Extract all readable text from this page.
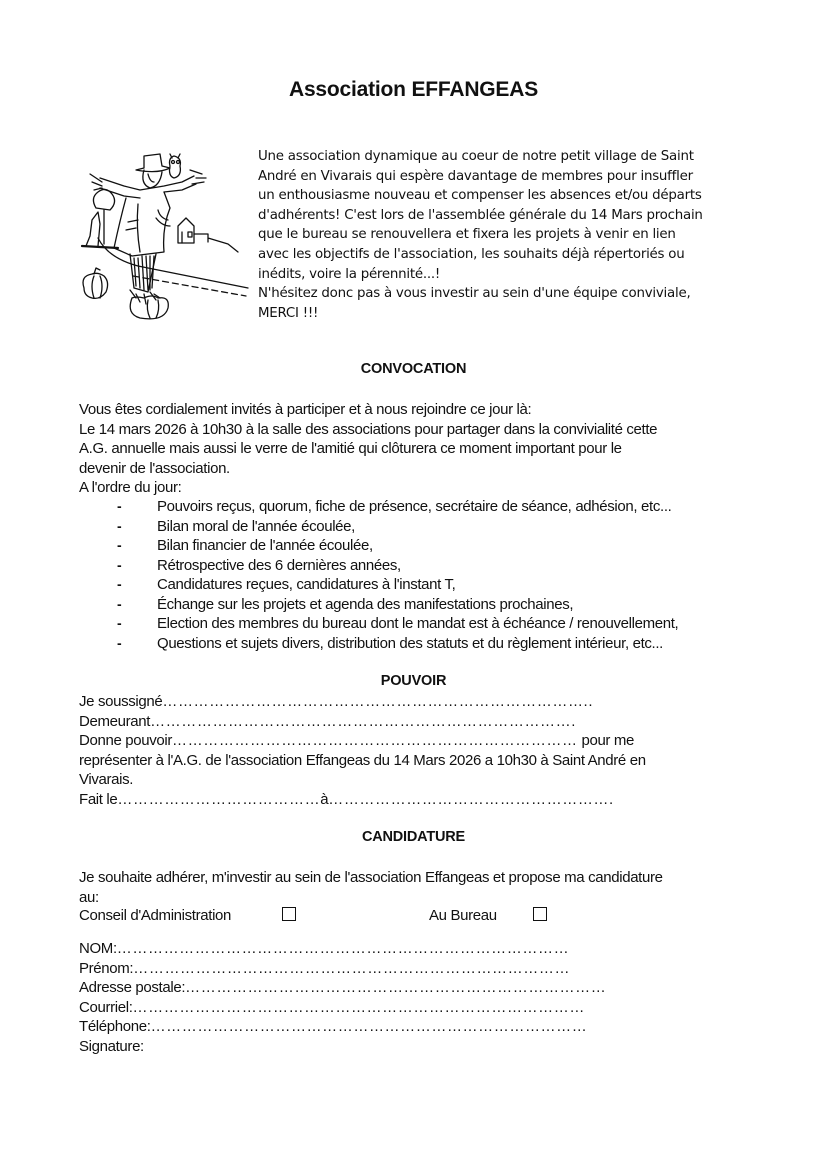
Association EFFANGEAS
Une association dynamique au coeur de notre petit village de Saint
André en Vivarais qui espère davantage de membres pour insuffler
un enthousiasme nouveau et compenser les absences et/ou départs
d'adhérents! C'est lors de l'assemblée générale du 14 Mars prochain
que le bureau se renouvellera et fixera les projets à venir en lien
avec les objectifs de l'association, les souhaits déjà répertoriés ou
inédits, voire la pérennité...!
N'hésitez donc pas à vous investir au sein d'une équipe conviviale,
MERCI !!!
CONVOCATION
Vous êtes cordialement invités à participer et à nous rejoindre ce jour là:
Le 14 mars 2026 à 10h30 à la salle des associations pour partager dans la convivialité cette
A.G. annuelle mais aussi le verre de l'amitié qui clôturera ce moment important pour le
devenir de l'association.
A l'ordre du jour:
-	Pouvoirs reçus, quorum, fiche de présence, secrétaire de séance, adhésion, etc...
-	Bilan moral de l'année écoulée,
-	Bilan financier de l'année écoulée,
-	Rétrospective des 6 dernières années,
-	Candidatures reçues, candidatures à l'instant T,
-	Échange sur les projets et agenda des manifestations prochaines,
-	Election des membres du bureau dont le mandat est à échéance / renouvellement,
-	Questions et sujets divers, distribution des statuts et du règlement intérieur, etc...
POUVOIR
Je soussigné………………………………………………………………………..
Demeurant……………………………………………………………………….
Donne pouvoir…………………………………………………………………… pour me
représenter à l'A.G. de l'association Effangeas du 14 Mars 2026 a 10h30 à Saint André en
Vivarais.
Fait le…………………………………à……………………………………………….
CANDIDATURE
Je souhaite adhérer, m'investir au sein de l'association Effangeas et propose ma candidature
au:
Conseil d'Administration	Au Bureau
NOM:……………………………………………………………………………
Prénom:…………………………………………………………………………
Adresse postale:………………………………………………………………………
Courriel:……………………………………………………………………………
Téléphone:…………………………………………………………………………
Signature:
